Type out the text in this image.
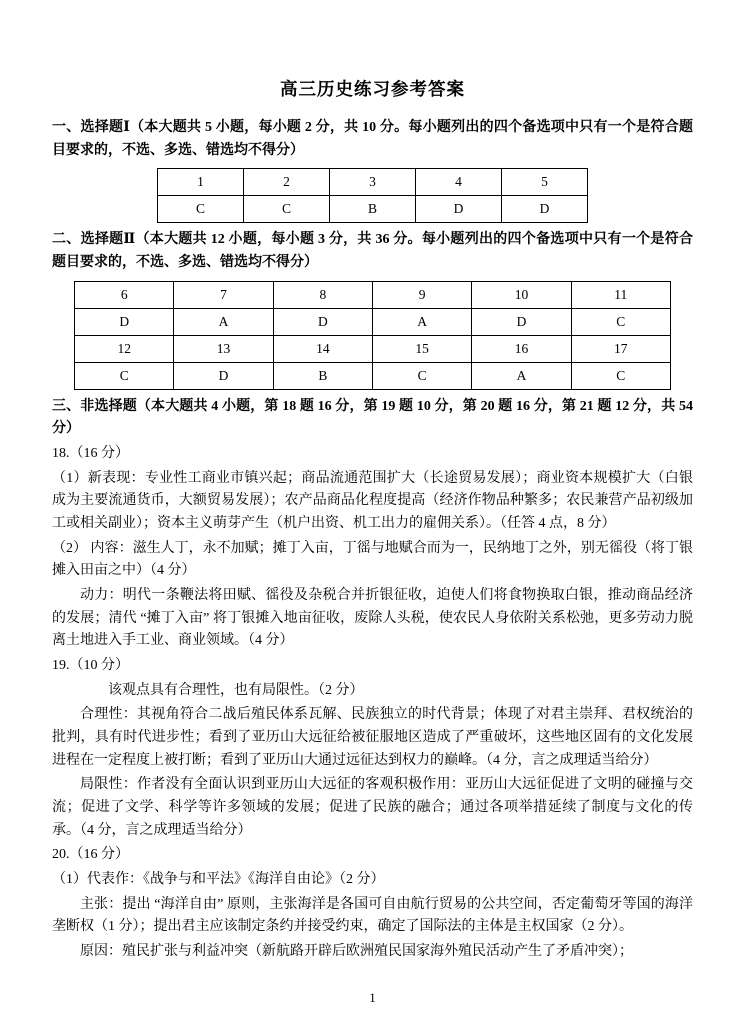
高三历史练习参考答案
一、选择题Ⅰ（本大题共 5 小题，每小题 2 分，共 10 分。每小题列出的四个备选项中只有一个是符合题目要求的，不选、多选、错选均不得分）
1	2	3	4	5
C	C	B	D	D
二、选择题Ⅱ（本大题共 12 小题，每小题 3 分，共 36 分。每小题列出的四个备选项中只有一个是符合题目要求的，不选、多选、错选均不得分）
6	7	8	9	10	11
D	A	D	A	D	C
12	13	14	15	16	17
C	D	B	C	A	C
三、非选择题（本大题共 4 小题，第 18 题 16 分，第 19 题 10 分，第 20 题 16 分，第 21 题 12 分，共 54 分）
18.（16 分）
（1）新表现：专业性工商业市镇兴起；商品流通范围扩大（长途贸易发展）；商业资本规模扩大（白银成为主要流通货币，大额贸易发展）；农产品商品化程度提高（经济作物品种繁多；农民兼营产品初级加工或相关副业）；资本主义萌芽产生（机户出资、机工出力的雇佣关系）。（任答 4 点，8 分）
（2） 内容：滋生人丁，永不加赋；摊丁入亩，丁徭与地赋合而为一，民纳地丁之外，别无徭役（将丁银摊入田亩之中）（4 分）
动力：明代一条鞭法将田赋、徭役及杂税合并折银征收，迫使人们将食物换取白银，推动商品经济的发展；清代 “摊丁入亩” 将丁银摊入地亩征收，废除人头税，使农民人身依附关系松弛，更多劳动力脱离土地进入手工业、商业领域。（4 分）
19.（10 分）
该观点具有合理性，也有局限性。（2 分）
合理性：其视角符合二战后殖民体系瓦解、民族独立的时代背景；体现了对君主崇拜、君权统治的批判，具有时代进步性；看到了亚历山大远征给被征服地区造成了严重破坏，这些地区固有的文化发展进程在一定程度上被打断；看到了亚历山大通过远征达到权力的巅峰。（4 分，言之成理适当给分）
局限性：作者没有全面认识到亚历山大远征的客观积极作用：亚历山大远征促进了文明的碰撞与交流；促进了文学、科学等许多领域的发展；促进了民族的融合；通过各项举措延续了制度与文化的传承。（4 分，言之成理适当给分）
20.（16 分）
（1）代表作：《战争与和平法》《海洋自由论》（2 分）
主张：提出 “海洋自由” 原则，主张海洋是各国可自由航行贸易的公共空间，否定葡萄牙等国的海洋垄断权（1 分）；提出君主应该制定条约并接受约束，确定了国际法的主体是主权国家（2 分）。
原因：殖民扩张与利益冲突（新航路开辟后欧洲殖民国家海外殖民活动产生了矛盾冲突）；
1
